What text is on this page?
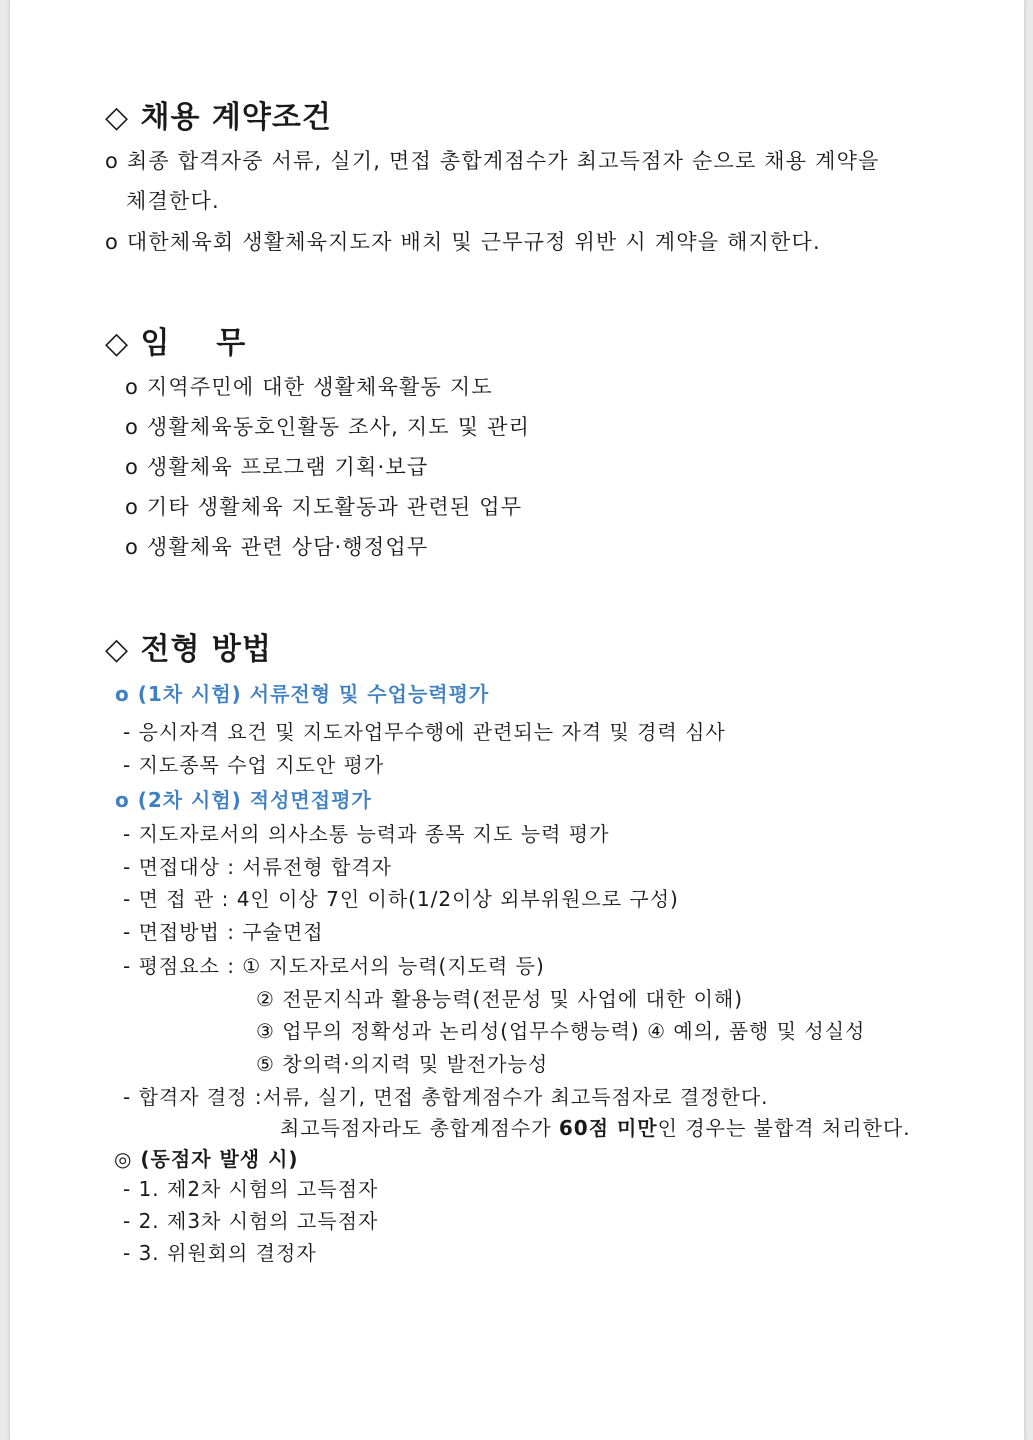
◇ 채용 계약조건
o 최종 합격자중 서류, 실기, 면접 총합계점수가 최고득점자 순으로 채용 계약을
체결한다.
o 대한체육회 생활체육지도자 배치 및 근무규정 위반 시 계약을 해지한다.
◇ 임    무
o 지역주민에 대한 생활체육활동 지도
o 생활체육동호인활동 조사, 지도 및 관리
o 생활체육 프로그램 기획·보급
o 기타 생활체육 지도활동과 관련된 업무
o 생활체육 관련 상담·행정업무
◇ 전형 방법
o (1차 시험) 서류전형 및 수업능력평가
- 응시자격 요건 및 지도자업무수행에 관련되는 자격 및 경력 심사
- 지도종목 수업 지도안 평가
o (2차 시험) 적성면접평가
- 지도자로서의 의사소통 능력과 종목 지도 능력 평가
- 면접대상 : 서류전형 합격자
- 면 접 관 : 4인 이상 7인 이하(1/2이상 외부위원으로 구성)
- 면접방법 : 구술면접
- 평점요소 : ① 지도자로서의 능력(지도력 등)
② 전문지식과 활용능력(전문성 및 사업에 대한 이해)
③ 업무의 정확성과 논리성(업무수행능력) ④ 예의, 품행 및 성실성
⑤ 창의력·의지력 및 발전가능성
- 합격자 결정 :서류, 실기, 면접 총합계점수가 최고득점자로 결정한다.
최고득점자라도 총합계점수가 60점 미만인 경우는 불합격 처리한다.
◎ (동점자 발생 시)
- 1. 제2차 시험의 고득점자
- 2. 제3차 시험의 고득점자
- 3. 위원회의 결정자
